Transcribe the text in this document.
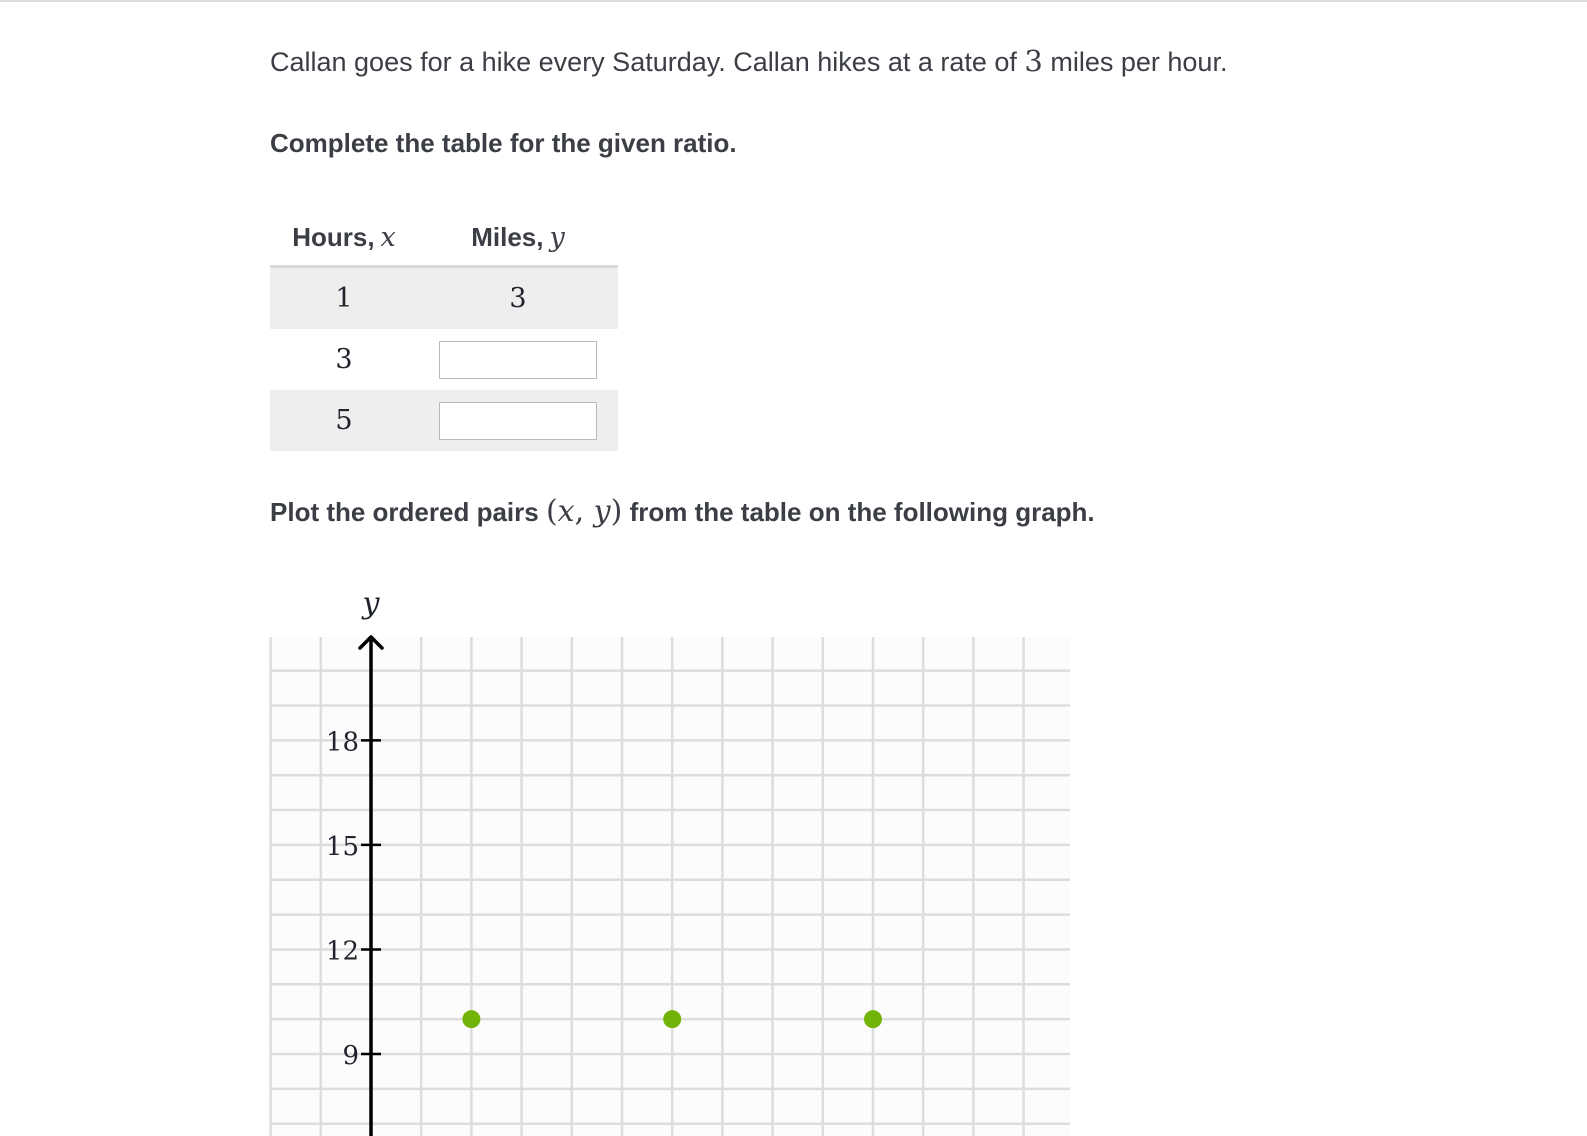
Callan goes for a hike every Saturday. Callan hikes at a rate of 3 miles per hour.
Complete the table for the given ratio.
Hours, x	Miles, y
1	3
3
5
Plot the ordered pairs (x, y) from the table on the following graph.
y
18
15
12
9
